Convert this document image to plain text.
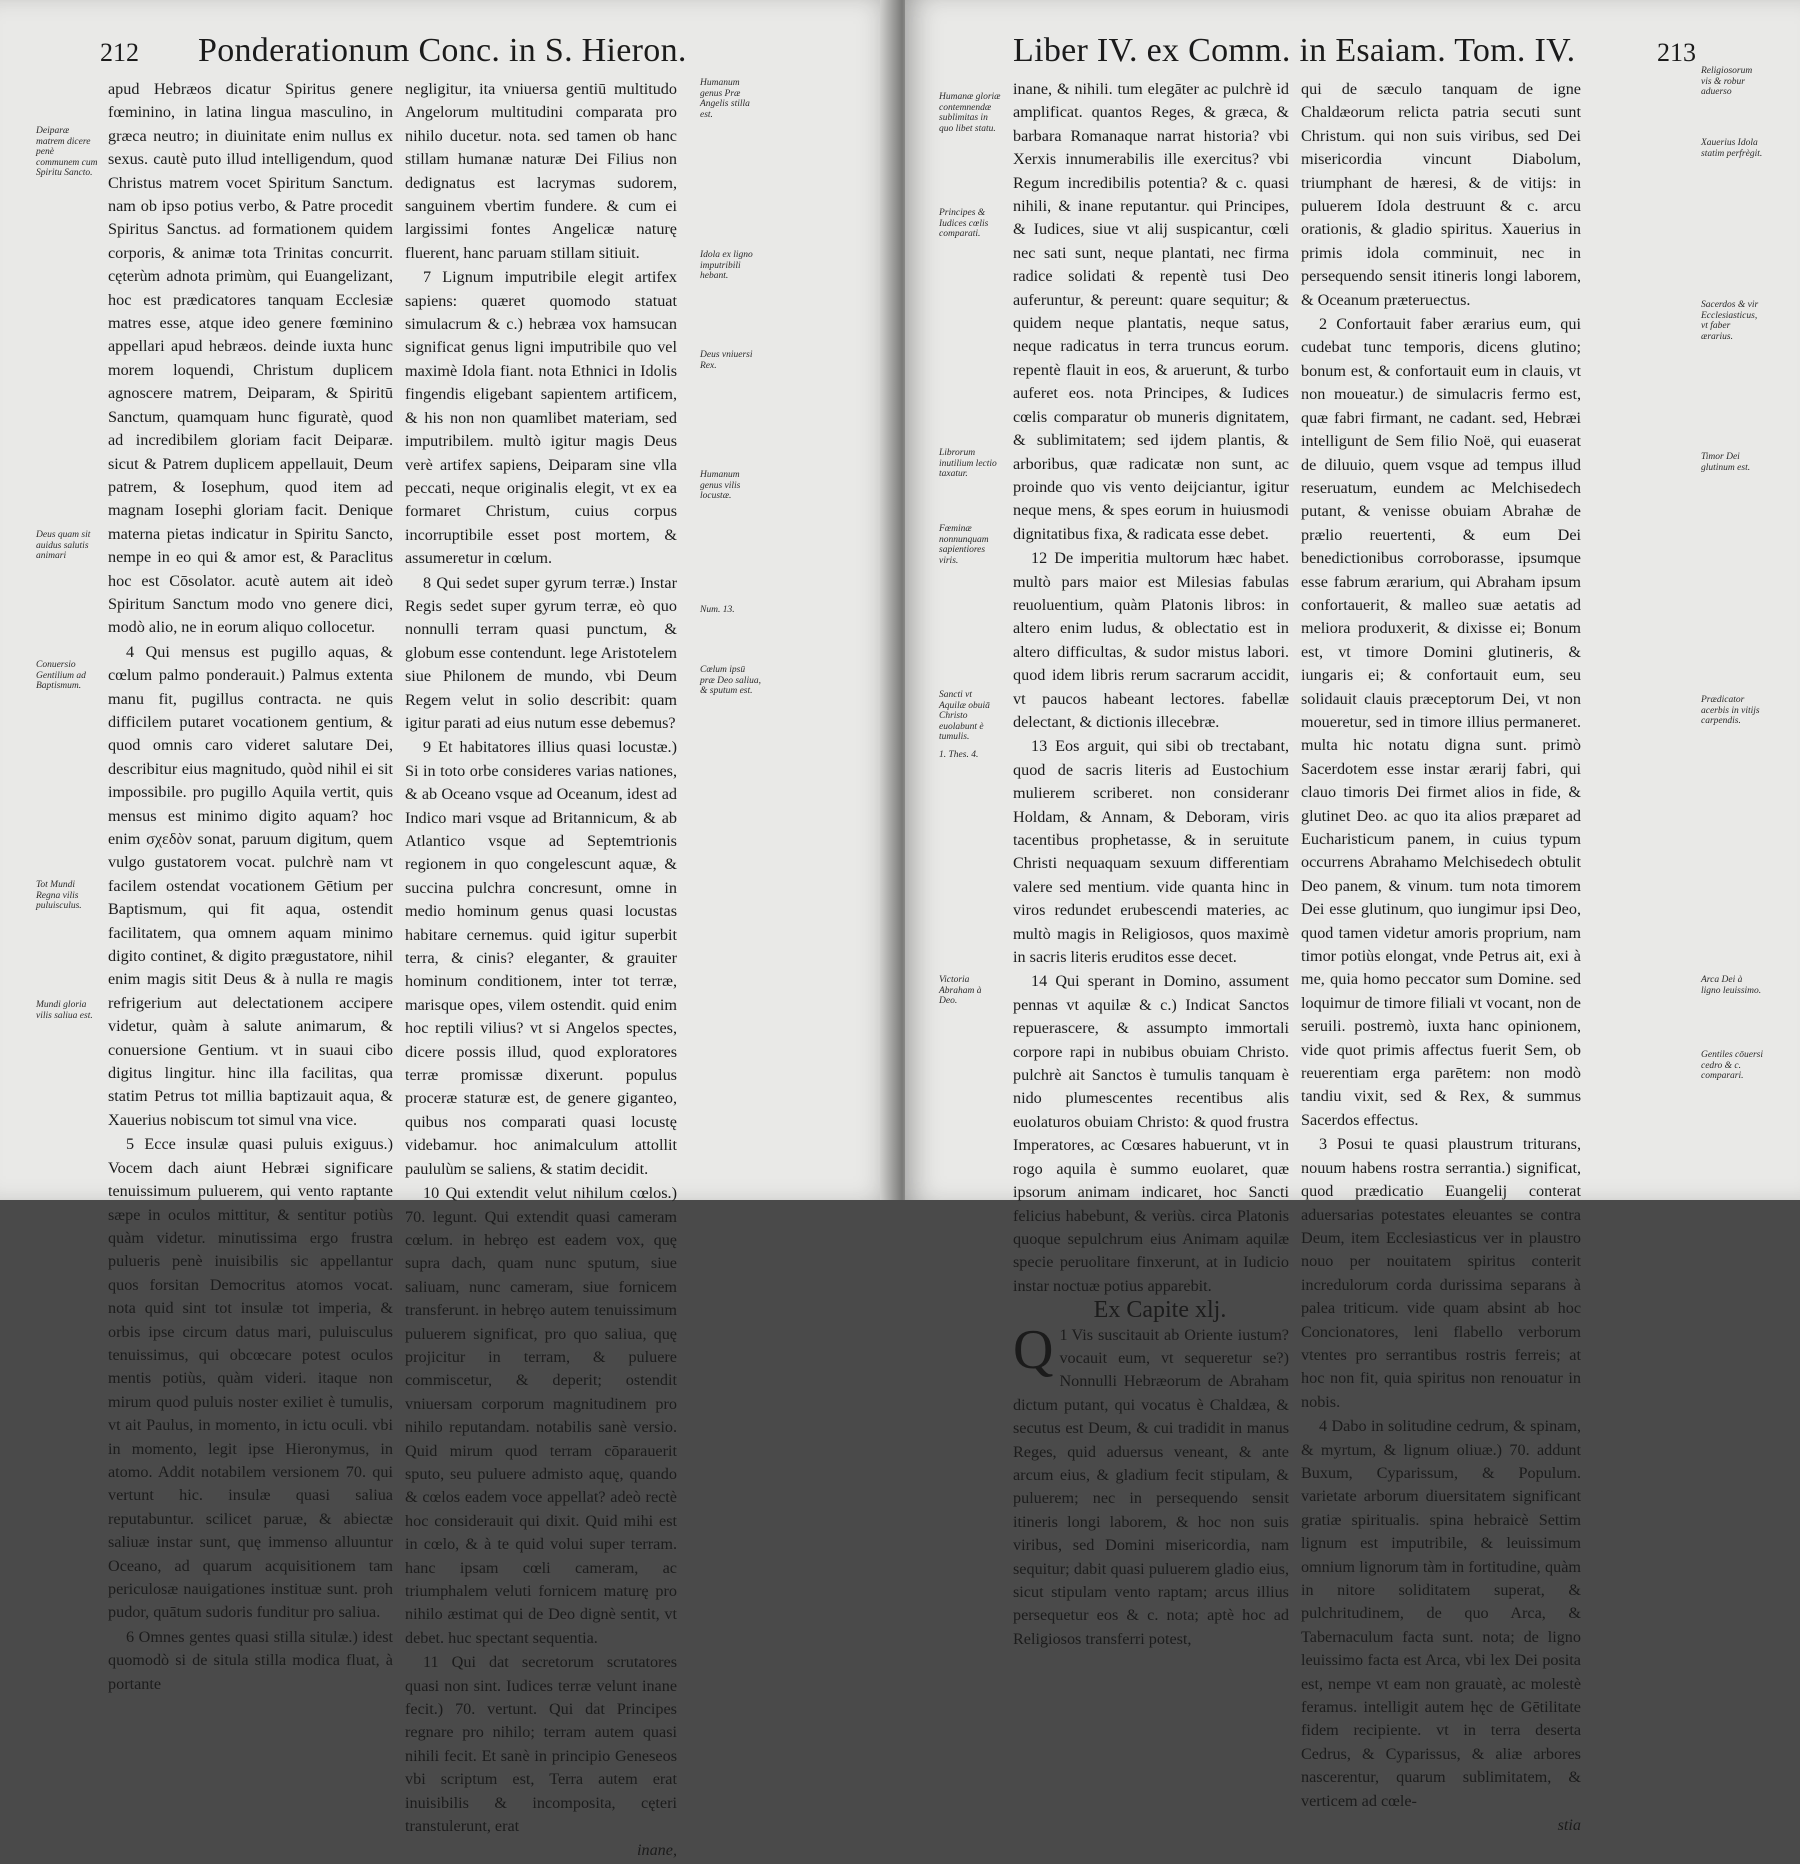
212 Ponderationum Conc. in S. Hieron.

apud Hebræos dicatur Spiritus genere fœminino, in latina lingua masculino, in græca neutro; in diuinitate enim nullus ex sexus. cautè puto illud intelligendum, quod Christus matrem vocet Spiritum Sanctum. nam ob ipso potius verbo, & Patre procedit Spiritus Sanctus. ad formationem quidem corporis, & animæ tota Trinitas concurrit. cęterùm adnota primùm, qui Euangelizant, hoc est prædicatores tanquam Ecclesiæ matres esse, atque ideo genere fœminino appellari apud hebræos. deinde iuxta hunc morem loquendi, Christum duplicem agnoscere matrem, Deiparam, & Spiritū Sanctum, quamquam hunc figuratè, quod ad incredibilem gloriam facit Deiparæ. sicut & Patrem duplicem appellauit, Deum patrem, & Iosephum, quod item ad magnam Iosephi gloriam facit. Denique materna pietas indicatur in Spiritu Sancto, nempe in eo qui & amor est, & Paraclitus hoc est Cōsolator. acutè autem ait ideò Spiritum Sanctum modo vno genere dici, modò alio, ne in eorum aliquo collocetur.

4 Qui mensus est pugillo aquas, & cœlum palmo ponderauit.) Palmus extenta manu fit, pugillus contracta. ne quis difficilem putaret vocationem gentium, & quod omnis caro videret salutare Dei, describitur eius magnitudo, quòd nihil ei sit impossibile. pro pugillo Aquila vertit, quis mensus est minimo digito aquam? hoc enim σχεδὸν sonat, paruum digitum, quem vulgo gustatorem vocat. pulchrè nam vt facilem ostendat vocationem Gētium per Baptismum, qui fit aqua, ostendit facilitatem, qua omnem aquam minimo digito continet, & digito prægustatore, nihil enim magis sitit Deus & à nulla re magis refrigerium aut delectationem accipere videtur, quàm à salute animarum, & conuersione Gentium. vt in suaui cibo digitus lingitur. hinc illa facilitas, qua statim Petrus tot millia baptizauit aqua, & Xauerius nobiscum tot simul vna vice.

5 Ecce insulæ quasi puluis exiguus.) Vocem dach aiunt Hebræi significare tenuissimum puluerem, qui vento raptante sæpe in oculos mittitur, & sentitur potiùs quàm videtur. minutissima ergo frustra pulueris penè inuisibilis sic appellantur quos forsitan Democritus atomos vocat. nota quid sint tot insulæ tot imperia, & orbis ipse circum datus mari, puluisculus tenuissimus, qui obcœcare potest oculos mentis potiùs, quàm videri. itaque non mirum quod puluis noster exiliet è tumulis, vt ait Paulus, in momento, in ictu oculi. vbi in momento, legit ipse Hieronymus, in atomo. Addit notabilem versionem 70. qui vertunt hic. insulæ quasi saliua reputabuntur. scilicet paruæ, & abiectæ saliuæ instar sunt, quę immenso alluuntur Oceano, ad quarum acquisitionem tam periculosæ nauigationes instituæ sunt. proh pudor, quātum sudoris funditur pro saliua.

6 Omnes gentes quasi stilla situlæ.) idest quomodò si de situla stilla modica fluat, à portante

negligitur, ita vniuersa gentiū multitudo Angelorum multitudini comparata pro nihilo ducetur. nota. sed tamen ob hanc stillam humanæ naturæ Dei Filius non dedignatus est lacrymas sudorem, sanguinem vbertim fundere. & cum ei largissimi fontes Angelicæ naturę fluerent, hanc paruam stillam sitiuit.

7 Lignum imputribile elegit artifex sapiens: quæret quomodo statuat simulacrum & c.) hebræa vox hamsucan significat genus ligni imputribile quo vel maximè Idola fiant. nota Ethnici in Idolis fingendis eligebant sapientem artificem, & his non non quamlibet materiam, sed imputribilem. multò igitur magis Deus verè artifex sapiens, Deiparam sine vlla peccati, neque originalis elegit, vt ex ea formaret Christum, cuius corpus incorruptibile esset post mortem, & assumeretur in cœlum.

8 Qui sedet super gyrum terræ.) Instar Regis sedet super gyrum terræ, eò quo nonnulli terram quasi punctum, & globum esse contendunt. lege Aristotelem siue Philonem de mundo, vbi Deum Regem velut in solio describit: quam igitur parati ad eius nutum esse debemus?

9 Et habitatores illius quasi locustæ.) Si in toto orbe consideres varias nationes, & ab Oceano vsque ad Oceanum, idest ad Indico mari vsque ad Britannicum, & ab Atlantico vsque ad Septemtrionis regionem in quo congelescunt aquæ, & succina pulchra concresunt, omne in medio hominum genus quasi locustas habitare cernemus. quid igitur superbit terra, & cinis? eleganter, & grauiter hominum conditionem, inter tot terræ, marisque opes, vilem ostendit. quid enim hoc reptili vilius? vt si Angelos spectes, dicere possis illud, quod exploratores terræ promissæ dixerunt. populus proceræ staturæ est, de genere giganteo, quibus nos comparati quasi locustę videbamur. hoc animalculum attollit paululùm se saliens, & statim decidit.

10 Qui extendit velut nihilum cœlos.) 70. legunt. Qui extendit quasi cameram cœlum. in hebręo est eadem vox, quę supra dach, quam nunc sputum, siue saliuam, nunc cameram, siue fornicem transferunt. in hebręo autem tenuissimum puluerem significat, pro quo saliua, quę projicitur in terram, & puluere commiscetur, & deperit; ostendit vniuersam corporum magnitudinem pro nihilo reputandam. notabilis sanè versio. Quid mirum quod terram cōparauerit sputo, seu puluere admisto aquę, quando & cœlos eadem voce appellat? adeò rectè hoc considerauit qui dixit. Quid mihi est in cœlo, & à te quid volui super terram. hanc ipsam cœli cameram, ac triumphalem veluti fornicem maturę pro nihilo æstimat qui de Deo dignè sentit, vt debet. huc spectant sequentia.

11 Qui dat secretorum scrutatores quasi non sint. Iudices terræ velunt inane fecit.) 70. vertunt. Qui dat Principes regnare pro nihilo; terram autem quasi nihili fecit. Et sanè in principio Geneseos vbi scriptum est, Terra autem erat inuisibilis & incomposita, cęteri transtulerunt, erat

inane,

Deiparæ matrem dicere penè communem cum Spiritu Sancto.
Humanum genus Præ Angelis stilla est.
Idola ex ligno imputribili hebant.
Deus vniuersi Rex.
Humanum genus vilis locustæ.
Deus quam sit auidus salutis animari
Num. 13.
Conuersio Gentilium ad Baptismum.
Cœlum ipsū præ Deo saliua, & sputum est.
Tot Mundi Regna vilis puluisculus.
Mundi gloria vilis saliua est.
Liber IV. ex Comm. in Esaiam. Tom. IV.	213

inane, & nihili. tum elegāter ac pulchrè id amplificat. quantos Reges, & græca, & barbara Romanaque narrat historia? vbi Xerxis innumerabilis ille exercitus? vbi Regum incredibilis potentia? & c. quasi nihili, & inane reputantur. qui Principes, & Iudices, siue vt alij suspicantur, cœli nec sati sunt, neque plantati, nec firma radice solidati & repentè tusi Deo auferuntur, & pereunt: quare sequitur; & quidem neque plantatis, neque satus, neque radicatus in terra truncus eorum. repentè flauit in eos, & aruerunt, & turbo auferet eos. nota Principes, & Iudices cœlis comparatur ob muneris dignitatem, & sublimitatem; sed ijdem plantis, & arboribus, quæ radicatæ non sunt, ac proinde quo vis vento deijciantur, igitur neque mens, & spes eorum in huiusmodi dignitatibus fixa, & radicata esse debet.

12 De imperitia multorum hæc habet. multò pars maior est Milesias fabulas reuoluentium, quàm Platonis libros: in altero enim ludus, & oblectatio est in altero difficultas, & sudor mistus labori. quod idem libris rerum sacrarum accidit, vt paucos habeant lectores. fabellæ delectant, & dictionis illecebræ.

13 Eos arguit, qui sibi ob trectabant, quod de sacris literis ad Eustochium mulierem scriberet. non consideranr Holdam, & Annam, & Deboram, viris tacentibus prophetasse, & in seruitute Christi nequaquam sexuum differentiam valere sed mentium. vide quanta hinc in viros redundet erubescendi materies, ac multò magis in Religiosos, quos maximè in sacris literis eruditos esse decet.

14 Qui sperant in Domino, assument pennas vt aquilæ & c.) Indicat Sanctos repuerascere, & assumpto immortali corpore rapi in nubibus obuiam Christo. pulchrè ait Sanctos è tumulis tanquam è nido plumescentes recentibus alis euolaturos obuiam Christo: & quod frustra Imperatores, ac Cœsares habuerunt, vt in rogo aquila è summo euolaret, quæ ipsorum animam indicaret, hoc Sancti felicius habebunt, & veriùs. circa Platonis quoque sepulchrum eius Animam aquilæ specie peruolitare finxerunt, at in Iudicio instar noctuæ potius apparebit.

Ex Capite xlj.

1
Q Vis suscitauit ab Oriente iustum? vocauit eum, vt sequeretur se?) Nonnulli Hebræorum de Abraham dictum putant, qui vocatus è Chaldæa, & secutus est Deum, & cui tradidit in manus Reges, quid aduersus veneant, & ante arcum eius, & gladium fecit stipulam, & puluerem; nec in persequendo sensit itineris longi laborem, & hoc non suis viribus, sed Domini misericordia, nam sequitur; dabit quasi puluerem gladio eius, sicut stipulam vento raptam; arcus illius persequetur eos & c. nota; aptè hoc ad Religiosos transferri potest,

qui de sæculo tanquam de igne Chaldæorum relicta patria secuti sunt Christum. qui non suis viribus, sed Dei misericordia vincunt Diabolum, triumphant de hæresi, & de vitijs: in puluerem Idola destruunt & c. arcu orationis, & gladio spiritus. Xauerius in primis idola comminuit, nec in persequendo sensit itineris longi laborem, & Oceanum præteruectus.

2 Confortauit faber ærarius eum, qui cudebat tunc temporis, dicens glutino; bonum est, & confortauit eum in clauis, vt non moueatur.) de simulacris fermo est, quæ fabri firmant, ne cadant. sed, Hebræi intelligunt de Sem filio Noë, qui euaserat de diluuio, quem vsque ad tempus illud reseruatum, eundem ac Melchisedech putant, & venisse obuiam Abrahæ de prælio reuertenti, & eum Dei benedictionibus corroborasse, ipsumque esse fabrum ærarium, qui Abraham ipsum confortauerit, & malleo suæ aetatis ad meliora produxerit, & dixisse ei; Bonum est, vt timore Domini glutineris, & iungaris ei; & confortauit eum, seu solidauit clauis præceptorum Dei, vt non moueretur, sed in timore illius permaneret. multa hic notatu digna sunt. primò Sacerdotem esse instar ærarij fabri, qui clauo timoris Dei firmet alios in fide, & glutinet Deo. ac quo ita alios præparet ad Eucharisticum panem, in cuius typum occurrens Abrahamo Melchisedech obtulit Deo panem, & vinum. tum nota timorem Dei esse glutinum, quo iungimur ipsi Deo, quod tamen videtur amoris proprium, nam timor potiùs elongat, vnde Petrus ait, exi à me, quia homo peccator sum Domine. sed loquimur de timore filiali vt vocant, non de seruili. postremò, iuxta hanc opinionem, vide quot primis affectus fuerit Sem, ob reuerentiam erga parētem: non modò tandiu vixit, sed & Rex, & summus Sacerdos effectus.

3 Posui te quasi plaustrum triturans, nouum habens rostra serrantia.) significat, quod prædicatio Euangelij conterat aduersarias potestates eleuantes se contra Deum, item Ecclesiasticus ver in plaustro nouo per nouitatem spiritus conterit incredulorum corda durissima separans à palea triticum. vide quam absint ab hoc Concionatores, leni flabello verborum vtentes pro serrantibus rostris ferreis; at hoc non fit, quia spiritus non renouatur in nobis.

4 Dabo in solitudine cedrum, & spinam, & myrtum, & lignum oliuæ.) 70. addunt Buxum, Cyparissum, & Populum. varietate arborum diuersitatem significant gratiæ spiritualis. spina hebraicè Settim lignum est imputribile, & leuissimum omnium lignorum tàm in fortitudine, quàm in nitore soliditatem superat, & pulchritudinem, de quo Arca, & Tabernaculum facta sunt. nota; de ligno leuissimo facta est Arca, vbi lex Dei posita est, nempe vt eam non grauatè, ac molestè feramus. intelligit autem hęc de Gētilitate fidem recipiente. vt in terra deserta Cedrus, & Cyparissus, & aliæ arbores nascerentur, quarum sublimitatem, & verticem ad cœle-

stia

Humanæ gloriæ contemnendæ sublimitas in quo libet statu.
Religiosorum vis & robur aduerso
Xauerius Idola statim perfrègit.
Principes & Iudices cœlis comparati.
Sacerdos & vir Ecclesiasticus, vt faber ærarius.
Timor Dei glutinum est.
Librorum inutilium lectio taxatur.
Fœminæ nonnunquam sapientiores viris.
Sancti vt Aquilæ obuiā Christo euolabunt è tumulis.
Prædicator acerbis in vitijs carpendis.
1. Thes. 4.
Victoria Abraham à Deo.
Arca Dei à ligno leuissimo.
Gentiles cōuersi cedro & c. comparari.
